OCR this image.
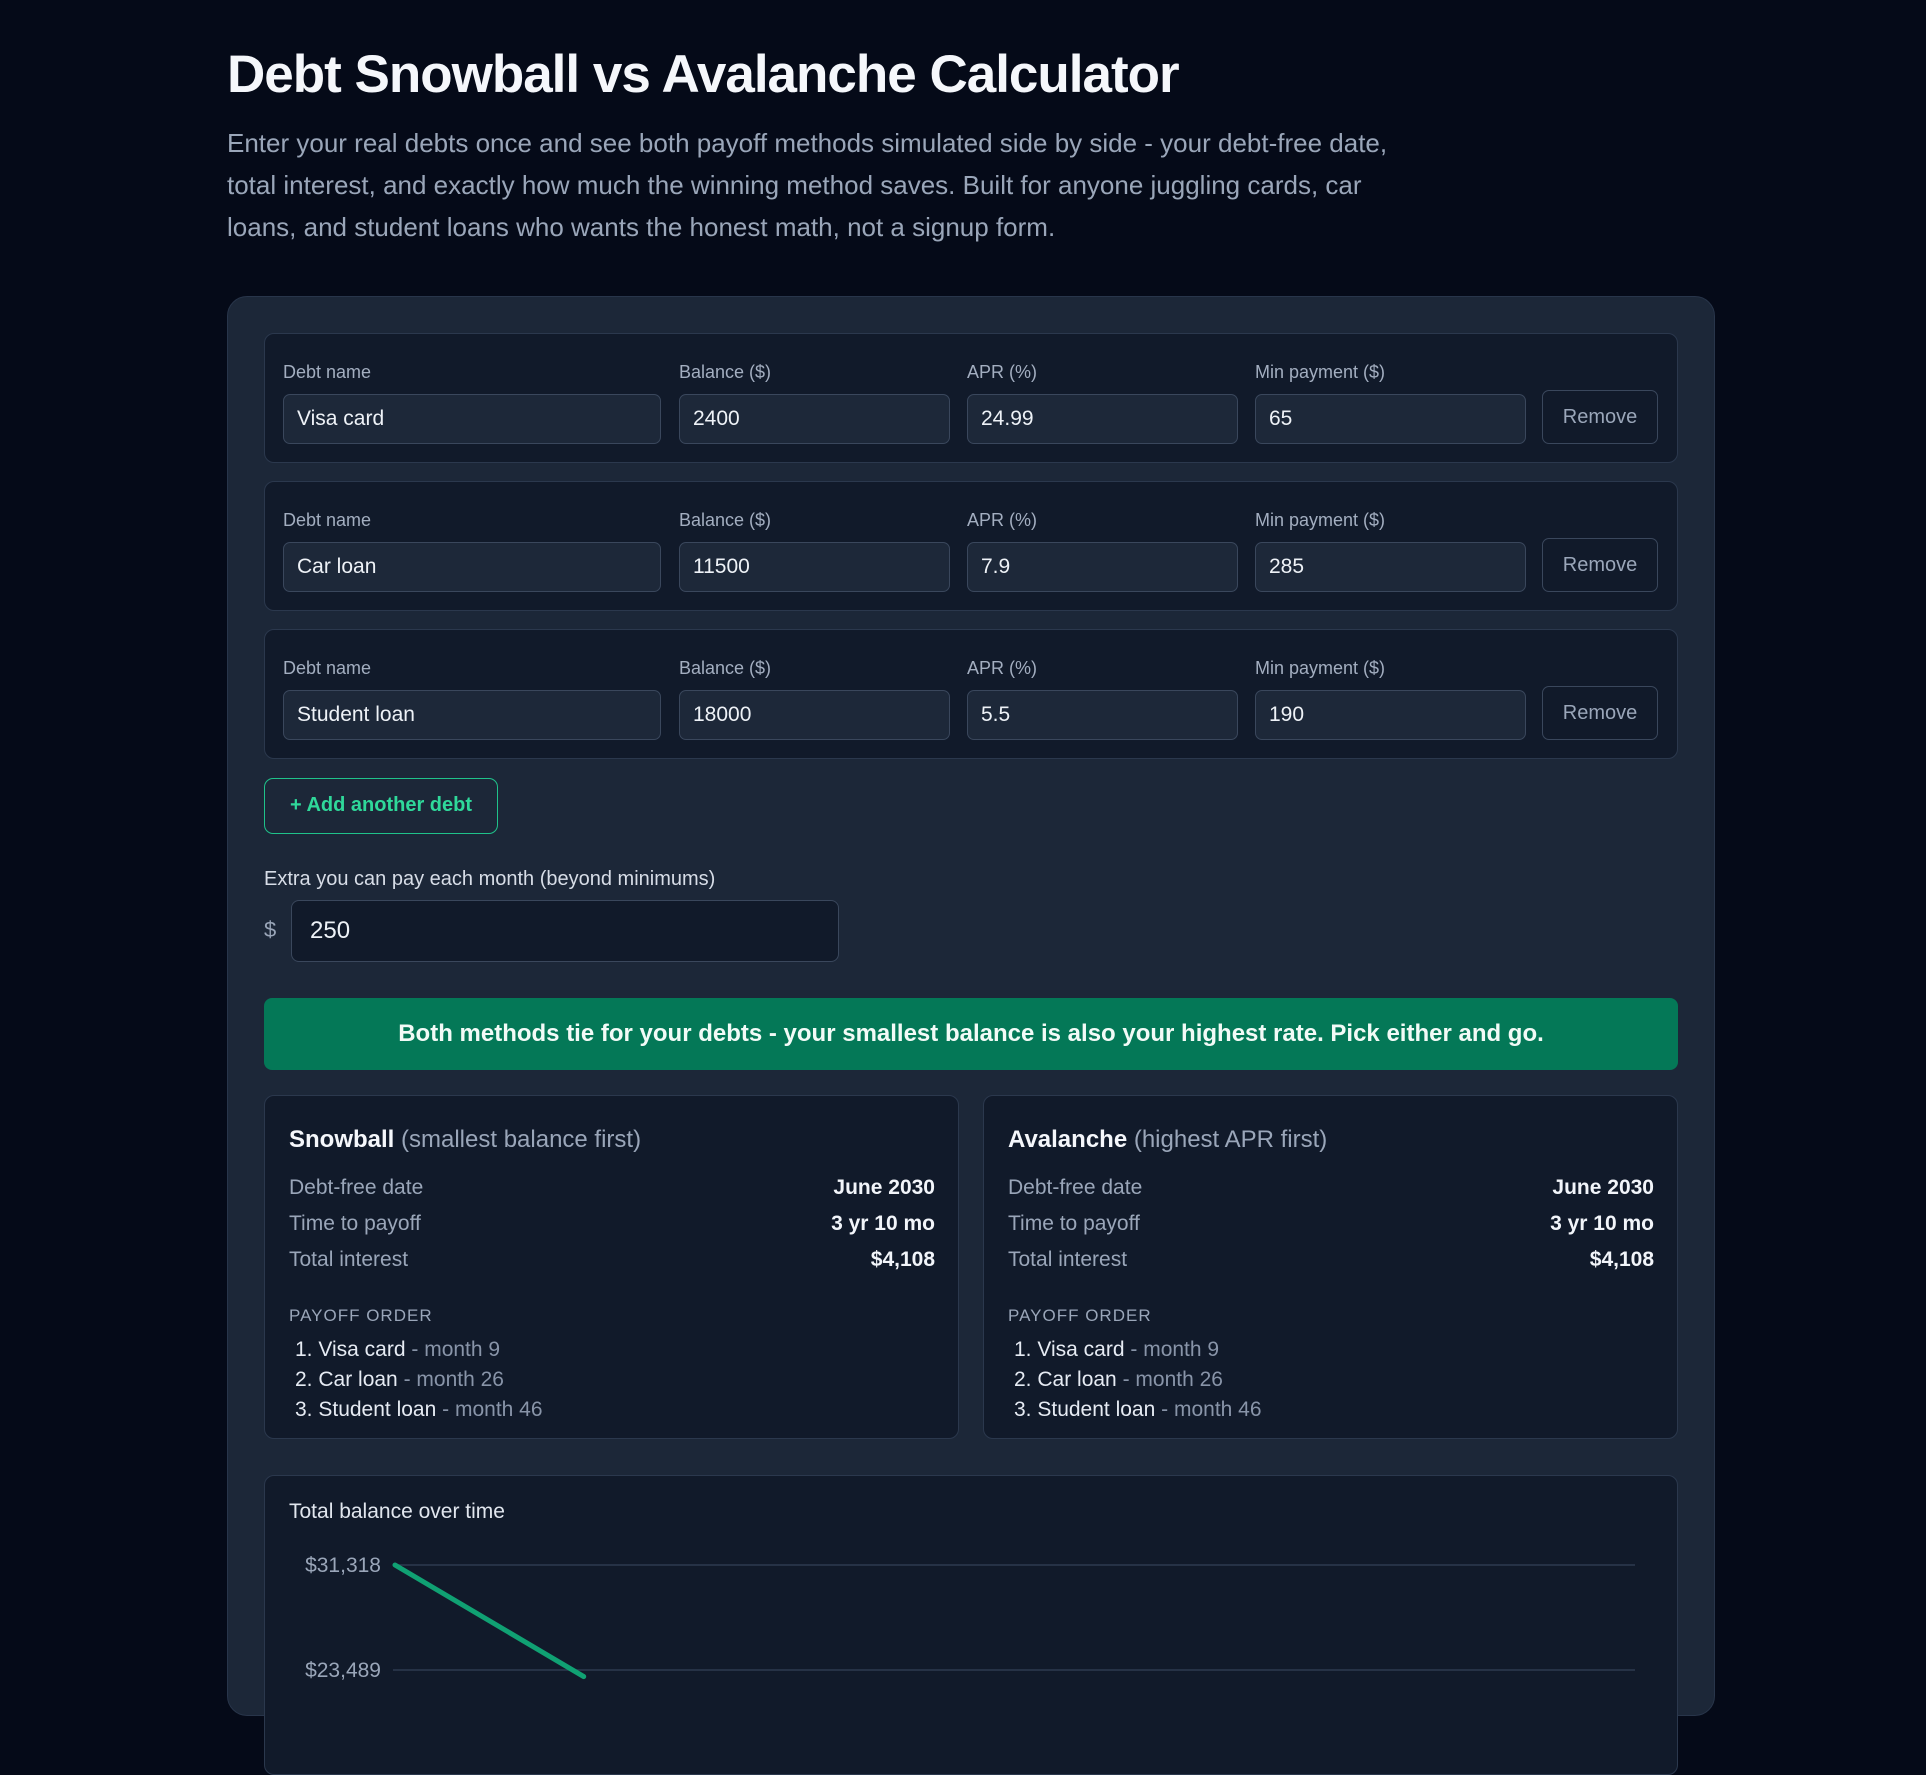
Debt Snowball vs Avalanche Calculator

Enter your real debts once and see both payoff methods simulated side by side - your debt-free date, total interest, and exactly how much the winning method saves. Built for anyone juggling cards, car loans, and student loans who wants the honest math, not a signup form.

Debt name	Balance ($)	APR (%)	Min payment ($)
Visa card	2400	24.99	65	Remove
Debt name	Balance ($)	APR (%)	Min payment ($)
Car loan	11500	7.9	285	Remove
Debt name	Balance ($)	APR (%)	Min payment ($)
Student loan	18000	5.5	190	Remove
+ Add another debt
Extra you can pay each month (beyond minimums)
$	250
Both methods tie for your debts - your smallest balance is also your highest rate. Pick either and go.
Snowball (smallest balance first)
Debt-free date	June 2030
Time to payoff	3 yr 10 mo
Total interest	$4,108
PAYOFF ORDER
1. Visa card - month 9
2. Car loan - month 26
3. Student loan - month 46
Avalanche (highest APR first)
Debt-free date	June 2030
Time to payoff	3 yr 10 mo
Total interest	$4,108
PAYOFF ORDER
1. Visa card - month 9
2. Car loan - month 26
3. Student loan - month 46
Total balance over time
$31,318
$23,489
